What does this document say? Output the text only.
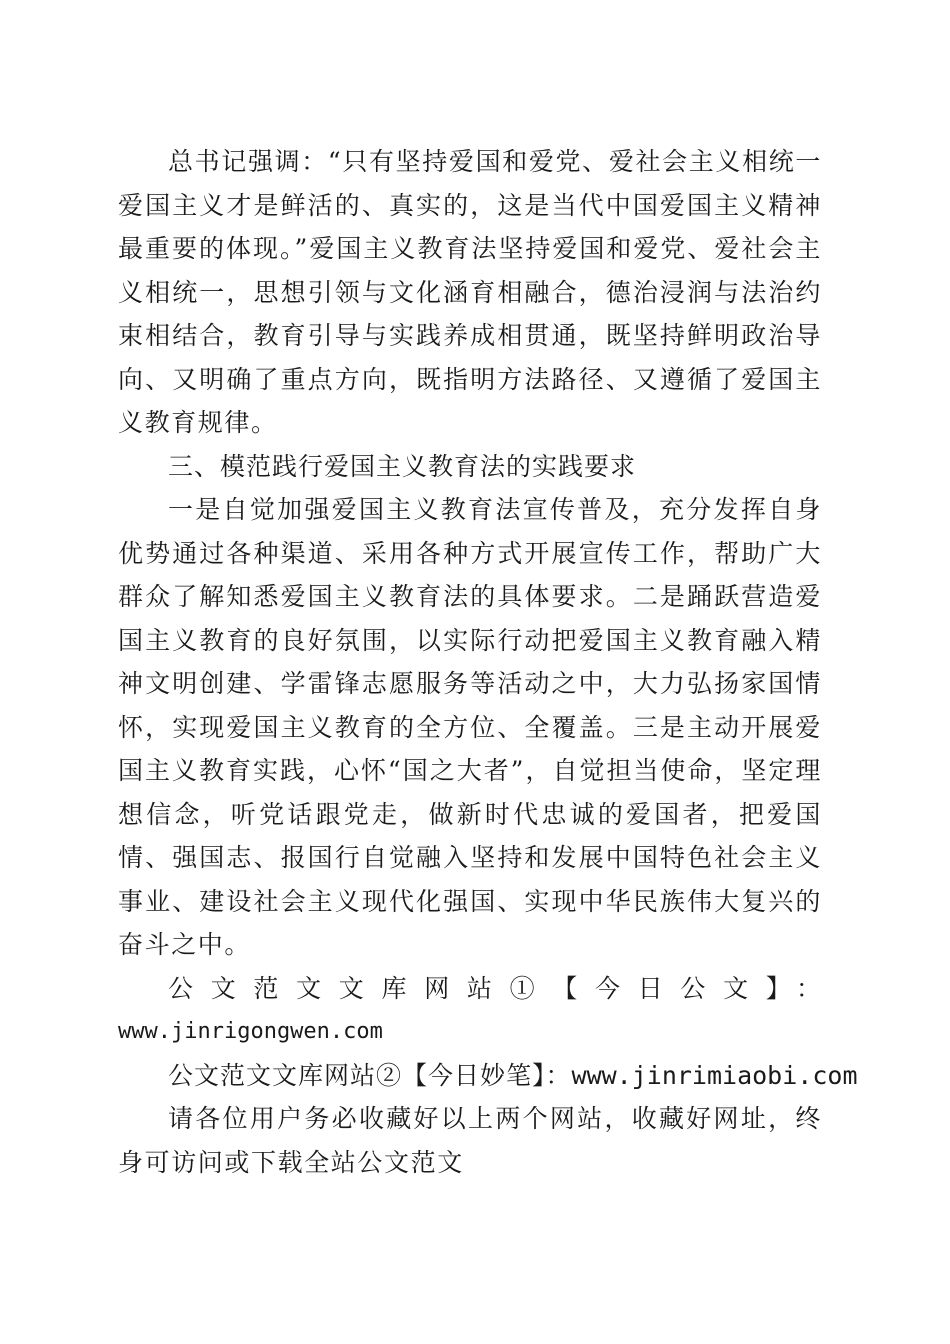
总书记强调：“只有坚持爱国和爱党、爱社会主义相统一爱国主义才是鲜活的、真实的，这是当代中国爱国主义精神最重要的体现。”爱国主义教育法坚持爱国和爱党、爱社会主义相统一，思想引领与文化涵育相融合，德治浸润与法治约束相结合，教育引导与实践养成相贯通，既坚持鲜明政治导向、又明确了重点方向，既指明方法路径、又遵循了爱国主义教育规律。

三、模范践行爱国主义教育法的实践要求

一是自觉加强爱国主义教育法宣传普及，充分发挥自身优势通过各种渠道、采用各种方式开展宣传工作，帮助广大群众了解知悉爱国主义教育法的具体要求。二是踊跃营造爱国主义教育的良好氛围，以实际行动把爱国主义教育融入精神文明创建、学雷锋志愿服务等活动之中，大力弘扬家国情怀，实现爱国主义教育的全方位、全覆盖。三是主动开展爱国主义教育实践，心怀“国之大者”，自觉担当使命，坚定理想信念，听党话跟党走，做新时代忠诚的爱国者，把爱国情、强国志、报国行自觉融入坚持和发展中国特色社会主义事业、建设社会主义现代化强国、实现中华民族伟大复兴的奋斗之中。

公文范文文库网站①【今日公文】：

www.jinrigongwen.com

公文范文文库网站②【今日妙笔】：www.jinrimiaobi.com

请各位用户务必收藏好以上两个网站，收藏好网址，终身可访问或下载全站公文范文
